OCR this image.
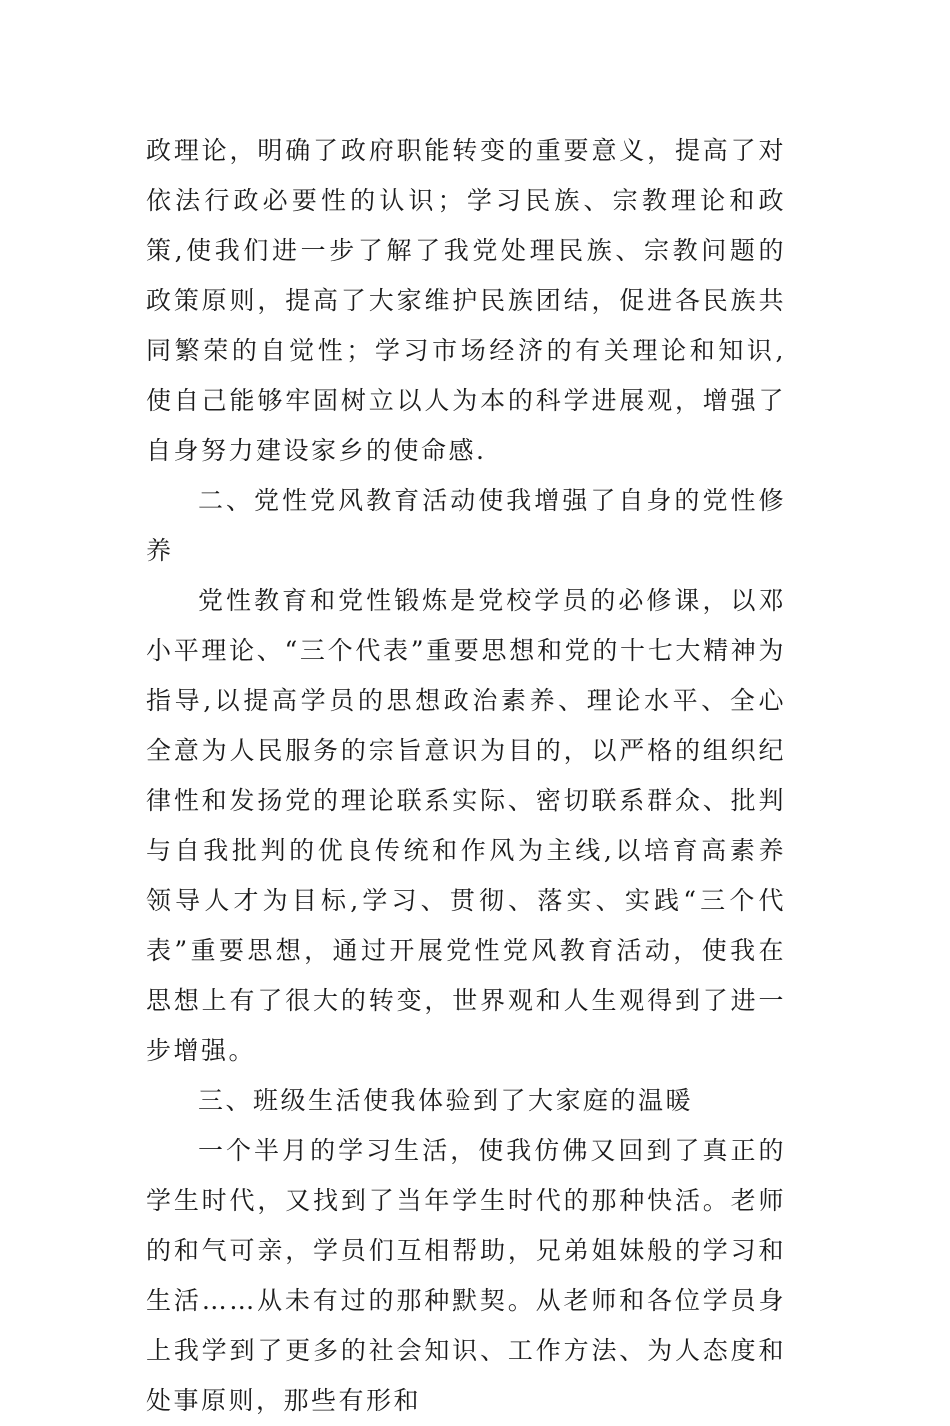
政理论，明确了政府职能转变的重要意义，提高了对依法行政必要性的认识；学习民族、宗教理论和政策,使我们进一步了解了我党处理民族、宗教问题的政策原则，提高了大家维护民族团结，促进各民族共同繁荣的自觉性；学习市场经济的有关理论和知识,使自己能够牢固树立以人为本的科学进展观，增强了自身努力建设家乡的使命感.

二、党性党风教育活动使我增强了自身的党性修养

党性教育和党性锻炼是党校学员的必修课，以邓小平理论、“三个代表”重要思想和党的十七大精神为指导,以提高学员的思想政治素养、理论水平、全心全意为人民服务的宗旨意识为目的，以严格的组织纪律性和发扬党的理论联系实际、密切联系群众、批判与自我批判的优良传统和作风为主线,以培育高素养领导人才为目标,学习、贯彻、落实、实践“三个代表”重要思想，通过开展党性党风教育活动，使我在思想上有了很大的转变，世界观和人生观得到了进一步增强。

三、班级生活使我体验到了大家庭的温暖

一个半月的学习生活，使我仿佛又回到了真正的学生时代，又找到了当年学生时代的那种快活。老师的和气可亲，学员们互相帮助，兄弟姐妹般的学习和生活……从未有过的那种默契。从老师和各位学员身上我学到了更多的社会知识、工作方法、为人态度和处事原则，那些有形和
